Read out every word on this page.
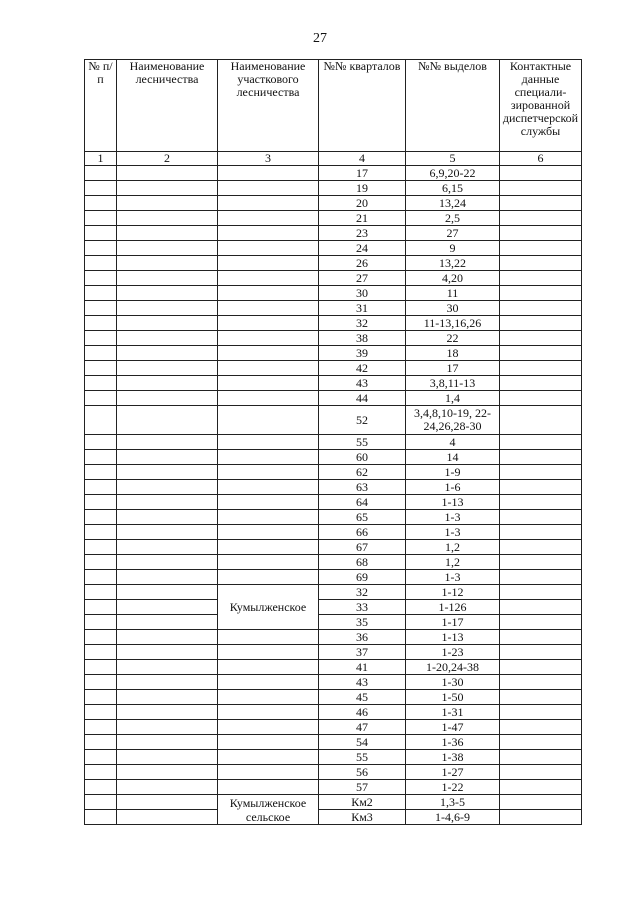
27
№ п/п	Наименование лесничества	Наименование участкового лесничества	№№ кварталов	№№ выделов	Контактные данные специали-зированной диспетчерской службы
1	2	3	4	5	6
			17	6,9,20-22	
			19	6,15	
			20	13,24	
			21	2,5	
			23	27	
			24	9	
			26	13,22	
			27	4,20	
			30	11	
			31	30	
			32	11-13,16,26	
			38	22	
			39	18	
			42	17	
			43	3,8,11-13	
			44	1,4	
			52	3,4,8,10-19, 22-24,26,28-30	
			55	4	
			60	14	
			62	1-9	
			63	1-6	
			64	1-13	
			65	1-3	
			66	1-3	
			67	1,2	
			68	1,2	
			69	1-3	
		Кумылженское	32	1-12	
			33	1-126	
			35	1-17	
			36	1-13	
			37	1-23	
			41	1-20,24-38	
			43	1-30	
			45	1-50	
			46	1-31	
			47	1-47	
			54	1-36	
			55	1-38	
			56	1-27	
			57	1-22	
		Кумылженское сельское	Км2	1,3-5	
			Км3	1-4,6-9	
